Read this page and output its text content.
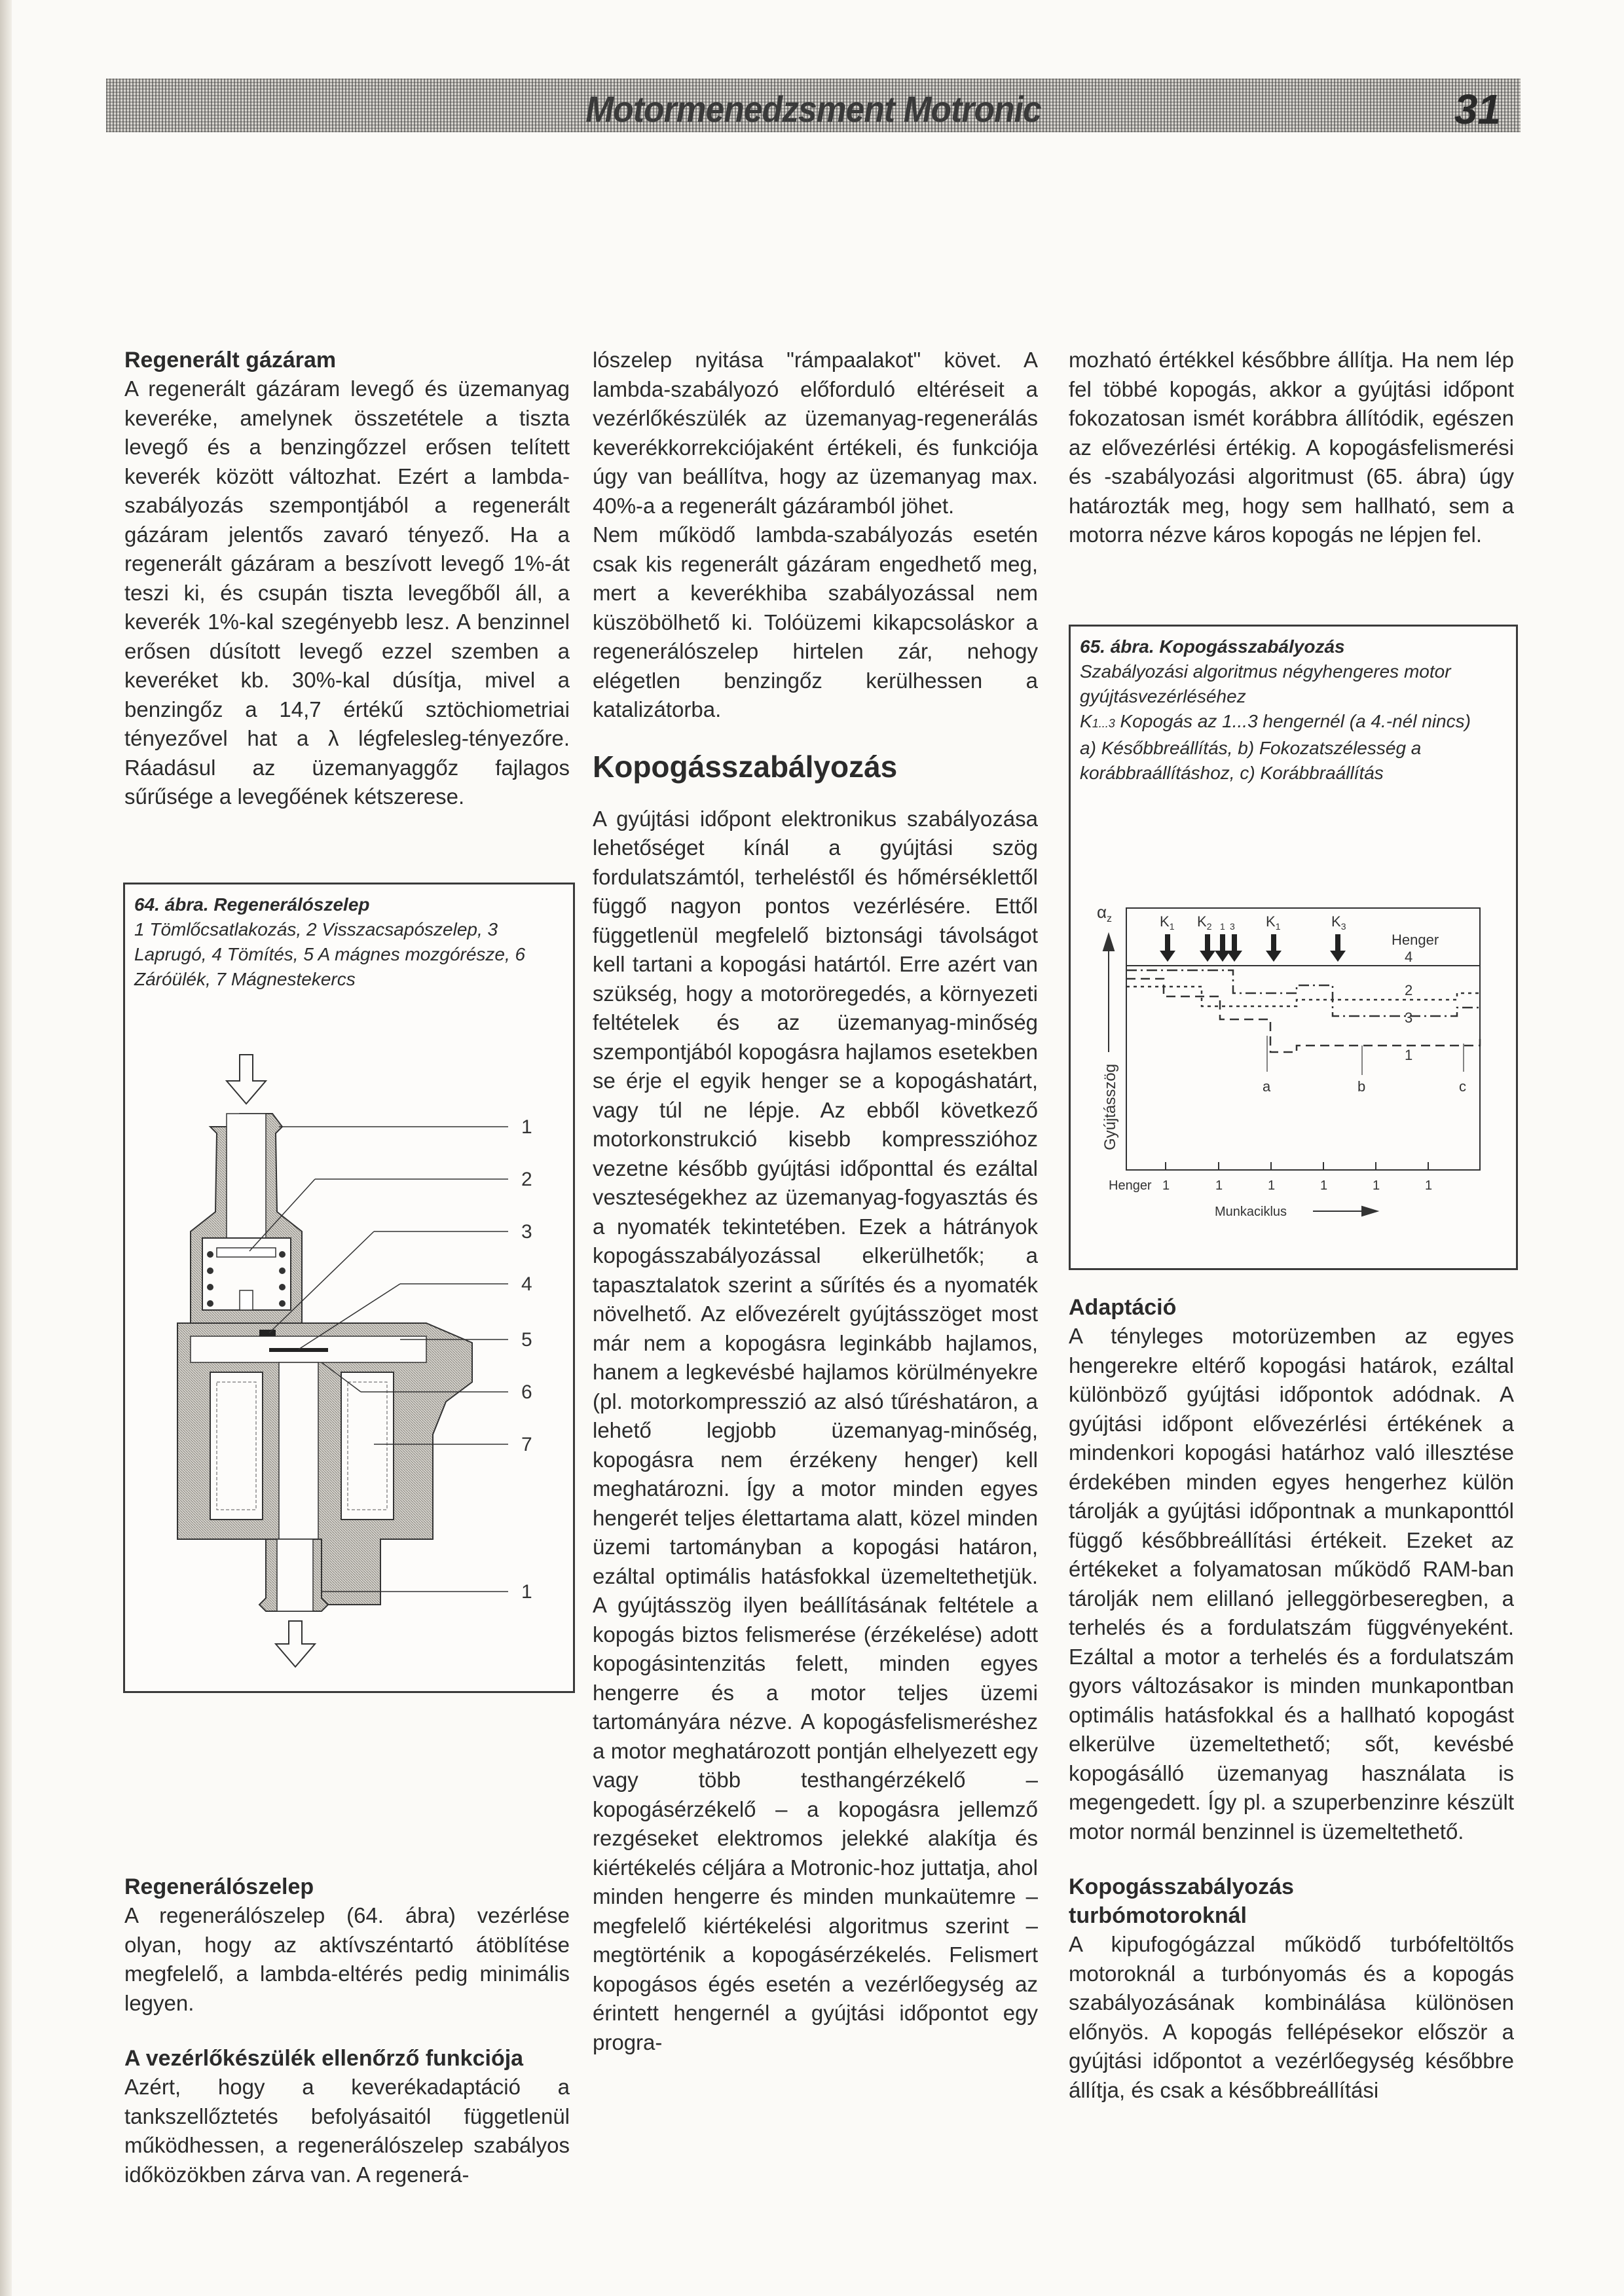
Motormenedzsment Motronic	31

Regenerált gázáram

A regenerált gázáram levegő és üzemanyag keveréke, amelynek összetétele a tiszta levegő és a benzingőzzel erősen telített keverék között változhat. Ezért a lambda-szabályozás szempontjából a regenerált gázáram jelentős zavaró tényező. Ha a regenerált gázáram a beszívott levegő 1%-át teszi ki, és csupán tiszta levegőből áll, a keverék 1%-kal szegényebb lesz. A benzinnel erősen dúsított levegő ezzel szemben a keveréket kb. 30%-kal dúsítja, mivel a benzingőz a 14,7 értékű sztöchiometriai tényezővel hat a λ légfelesleg-tényezőre. Ráadásul az üzemanyaggőz fajlagos sűrűsége a levegőének kétszerese.

64. ábra. Regenerálószelep
1 Tömlőcsatlakozás, 2 Visszacsapószelep, 3 Laprugó, 4 Tömítés, 5 A mágnes mozgórésze, 6 Záróülék, 7 Mágnestekercs
1
2
3
4
5
6
7
1

Regenerálószelep

A regenerálószelep (64. ábra) vezérlése olyan, hogy az aktívszéntartó átöblítése megfelelő, a lambda-eltérés pedig minimális legyen.

A vezérlőkészülék ellenőrző funkciója

Azért, hogy a keverékadaptáció a tankszellőztetés befolyásaitól függetlenül működhessen, a regenerálószelep szabályos időközökben zárva van. A regenerá-

lószelep nyitása "rámpaalakot" követ. A lambda-szabályozó előforduló eltéréseit a vezérlőkészülék az üzemanyag-regenerálás keverékkorrekciójaként értékeli, és funkciója úgy van beállítva, hogy az üzemanyag max. 40%-a a regenerált gázáramból jöhet.

Nem működő lambda-szabályozás esetén csak kis regenerált gázáram engedhető meg, mert a keverékhiba szabályozással nem küszöbölhető ki. Tolóüzemi kikapcsoláskor a regenerálószelep hirtelen zár, nehogy elégetlen benzingőz kerülhessen a katalizátorba.

Kopogásszabályozás

A gyújtási időpont elektronikus szabályozása lehetőséget kínál a gyújtási szög fordulatszámtól, terheléstől és hőmérséklettől függő nagyon pontos vezérlésére. Ettől függetlenül megfelelő biztonsági távolságot kell tartani a kopogási határtól. Erre azért van szükség, hogy a motoröregedés, a környezeti feltételek és az üzemanyag-minőség szempontjából kopogásra hajlamos esetekben se érje el egyik henger se a kopogáshatárt, vagy túl ne lépje. Az ebből következő motorkonstrukció kisebb kompresszióhoz vezetne később gyújtási időponttal és ezáltal veszteségekhez az üzemanyag-fogyasztás és a nyomaték tekintetében. Ezek a hátrányok kopogásszabályozással elkerülhetők; a tapasztalatok szerint a sűrítés és a nyomaték növelhető. Az elővezérelt gyújtásszöget most már nem a kopogásra leginkább hajlamos, hanem a legkevésbé hajlamos körülményekre (pl. motorkompresszió az alsó tűréshatáron, a lehető legjobb üzemanyag-minőség, kopogásra nem érzékeny henger) kell meghatározni. Így a motor minden egyes hengerét teljes élettartama alatt, közel minden üzemi tartományban a kopogási határon, ezáltal optimális hatásfokkal üzemeltethetjük. A gyújtásszög ilyen beállításának feltétele a kopogás biztos felismerése (érzékelése) adott kopogásintenzitás felett, minden egyes hengerre és a motor teljes üzemi tartományára nézve. A kopogásfelismeréshez a motor meghatározott pontján elhelyezett egy vagy több testhangérzékelő – kopogásérzékelő – a kopogásra jellemző rezgéseket elektromos jelekké alakítja és kiértékelés céljára a Motronic-hoz juttatja, ahol minden hengerre és minden munkaütemre – megfelelő kiértékelési algoritmus szerint – megtörténik a kopogásérzékelés. Felismert kopogásos égés esetén a vezérlőegység az érintett hengernél a gyújtási időpontot egy progra-

mozható értékkel későbbre állítja. Ha nem lép fel többé kopogás, akkor a gyújtási időpont fokozatosan ismét korábbra állítódik, egészen az elővezérlési értékig. A kopogásfelismerési és -szabályozási algoritmust (65. ábra) úgy határozták meg, hogy sem hallható, sem a motorra nézve káros kopogás ne lépjen fel.

65. ábra. Kopogásszabályozás
Szabályozási algoritmus négyhengeres motor gyújtásvezérléséhez
K1...3 Kopogás az 1...3 hengernél (a 4.-nél nincs)
a) Későbbreállítás, b) Fokozatszélesség a korábbraállításhoz, c) Korábbraállítás
$\alpha_z$
Gyújtásszög
$K_1$ $K_2$ 1 3 $K_1$	$K_3$
Henger
4
2
3
1
a	b	c
Henger 1	1	1	1	1	1
Munkaciklus

Adaptáció

A tényleges motorüzemben az egyes hengerekre eltérő kopogási határok, ezáltal különböző gyújtási időpontok adódnak. A gyújtási időpont elővezérlési értékének a mindenkori kopogási határhoz való illesztése érdekében minden egyes hengerhez külön tárolják a gyújtási időpontnak a munkaponttól függő későbbreállítási értékeit. Ezeket az értékeket a folyamatosan működő RAM-ban tárolják nem elillanó jelleggörbeseregben, a terhelés és a fordulatszám függvényeként. Ezáltal a motor a terhelés és a fordulatszám gyors változásakor is minden munkapontban optimális hatásfokkal és a hallható kopogást elkerülve üzemeltethető; sőt, kevésbé kopogásálló üzemanyag használata is megengedett. Így pl. a szuperbenzinre készült motor normál benzinnel is üzemeltethető.

Kopogásszabályozás

turbómotoroknál

A kipufogógázzal működő turbófeltöltős motoroknál a turbónyomás és a kopogás szabályozásának kombinálása különösen előnyös. A kopogás fellépésekor először a gyújtási időpontot a vezérlőegység későbbre állítja, és csak a későbbreállítási
